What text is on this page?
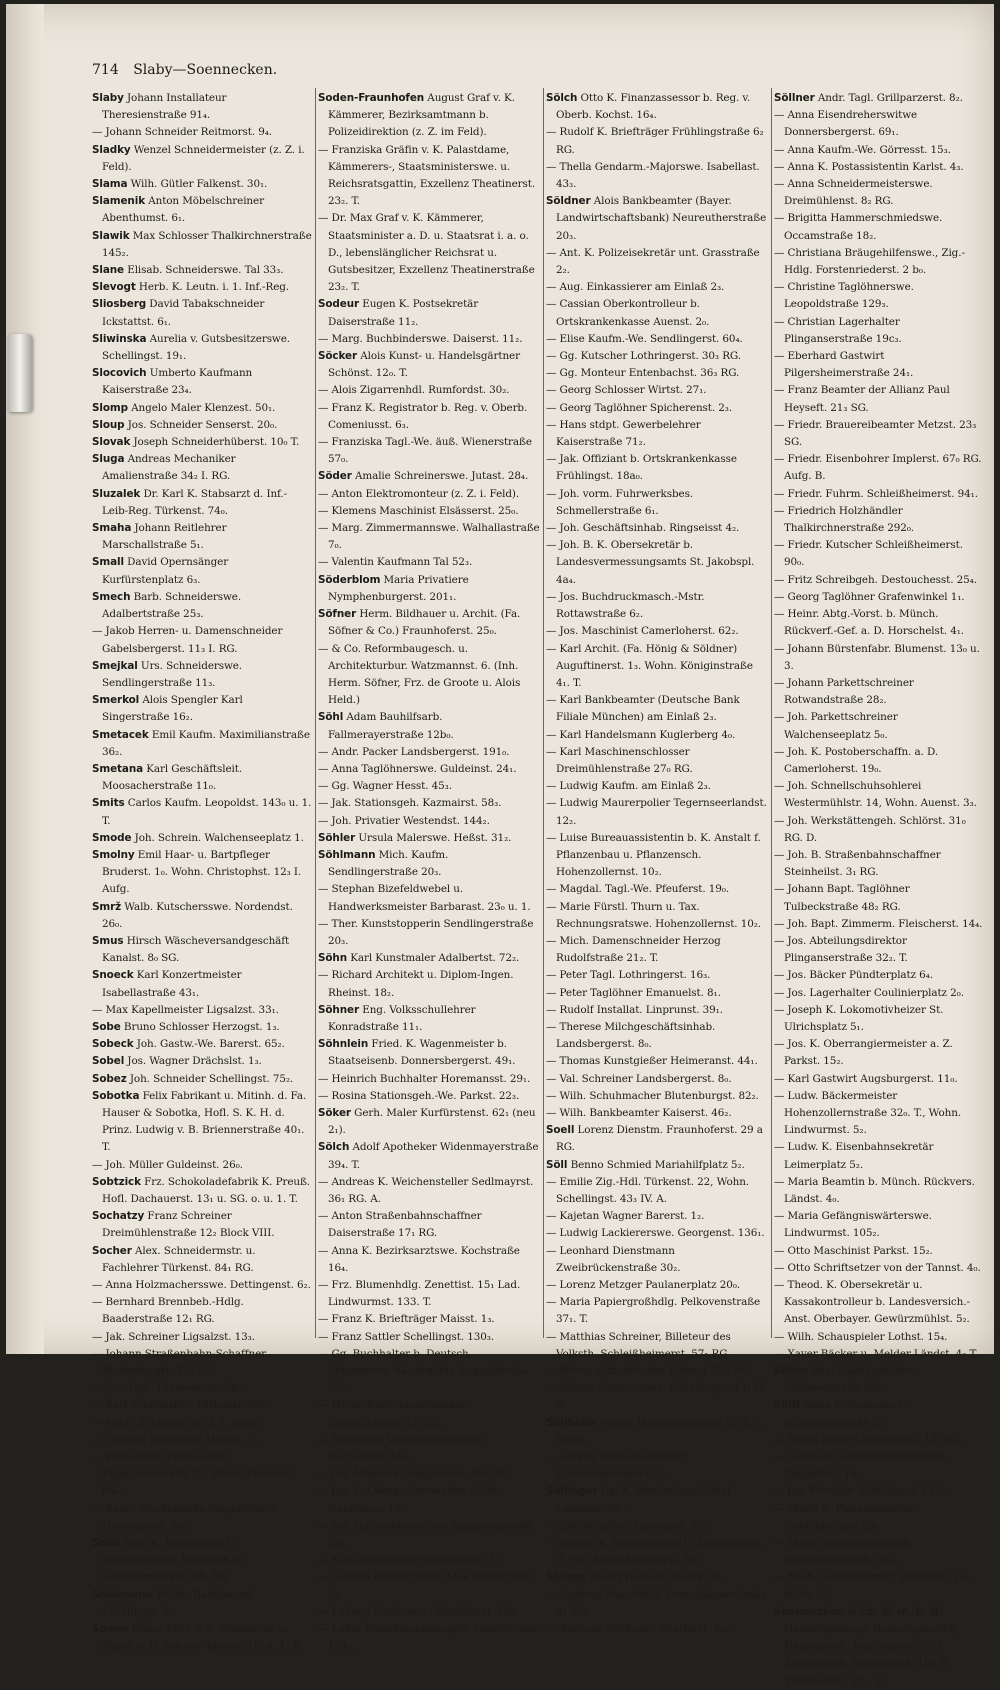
714 Slaby—Soennecken.
Slaby Johann Installateur Theresienstraße 91₄.
— Johann Schneider Reitmorst. 9₄.
Sladky Wenzel Schneidermeister (z. Z. i. Feld).
Slama Wilh. Gütler Falkenst. 30₁.
Slamenik Anton Möbelschreiner Abenthumst. 6₁.
Slawik Max Schlosser Thalkirchnerstraße 145₂.
Slane Elisab. Schneiderswe. Tal 33₃.
Slevogt Herb. K. Leutn. i. 1. Inf.-Reg.
Sliosberg David Tabakschneider Ickstattst. 6₁.
Sliwinska Aurelia v. Gutsbesitzerswe. Schellingst. 19₁.
Slocovich Umberto Kaufmann Kaiserstraße 23₄.
Slomp Angelo Maler Klenzest. 50₁.
Sloup Jos. Schneider Senserst. 20₀.
Slovak Joseph Schneiderhüberst. 10₀ T.
Sluga Andreas Mechaniker Amalienstraße 34₂ I. RG.
Sluzalek Dr. Karl K. Stabsarzt d. Inf.-Leib-Reg. Türkenst. 74₀.
Smaha Johann Reitlehrer Marschallstraße 5₁.
Small David Opernsänger Kurfürstenplatz 6₃.
Smech Barb. Schneiderswe. Adalbertstraße 25₃.
— Jakob Herren- u. Damenschneider Gabelsbergerst. 11₃ I. RG.
Smejkal Urs. Schneiderswe. Sendlingerstraße 11₃.
Smerkol Alois Spengler Karl Singerstraße 16₂.
Smetacek Emil Kaufm. Maximilianstraße 36₂.
Smetana Karl Geschäftsleit. Moosacherstraße 11₀.
Smits Carlos Kaufm. Leopoldst. 143₀ u. 1. T.
Smode Joh. Schrein. Walchenseeplatz 1.
Smolny Emil Haar- u. Bartpfleger Bruderst. 1₀. Wohn. Christophst. 12₃ I. Aufg.
Smrž Walb. Kutschersswe. Nordendst. 26₀.
Smus Hirsch Wäscheversandgeschäft Kanalst. 8₀ SG.
Snoeck Karl Konzertmeister Isabellastraße 43₁.
— Max Kapellmeister Ligsalzst. 33₁.
Sobe Bruno Schlosser Herzogst. 1₃.
Sobeck Joh. Gastw.-We. Barerst. 65₂.
Sobel Jos. Wagner Drächslst. 1₃.
Sobez Joh. Schneider Schellingst. 75₂.
Sobotka Felix Fabrikant u. Mitinh. d. Fa. Hauser & Sobotka, Hofl. S. K. H. d. Prinz. Ludwig v. B. Briennerstraße 40₁. T.
— Joh. Müller Guldeinst. 26₀.
Sobtzick Frz. Schokoladefabrik K. Preuß. Hofl. Dachauerst. 13₁ u. SG. o. u. 1. T.
Sochatzy Franz Schreiner Dreimühlenstraße 12₂ Block VIII.
Socher Alex. Schneidermstr. u. Fachlehrer Türkenst. 84₁ RG.
— Anna Holzmachersswe. Dettingenst. 6₂.
— Bernhard Brennbeb.-Hdlg. Baaderstraße 12₁ RG.
— Jak. Schreiner Ligsalzst. 13₃.
— Johann Straßenbahn-Schaffner Blutenburgst. 75₂ SG.
— Jos. Tagl. Theresienst. 54₀.
— Karl Tonkünstler Türkenst. 63₄.
— Mich. Schreiner (z. Z. i. Feld).
— Thomas Schneider Marsst. 7₁.
— Wilhelmine Feinkostbhl. Kapuzinerstraße 35, Wohn. Türkenst. 84₀.
— Xaver Straßenbahn-Wagenführer Horemansst. 24₂.
Sode Emil K. Registrator b. Hauptzollamts München III Lindwurmstraße 58₂ SG.
Sodemann Walter Bankbeamt. Frühlingst. 3₁.
Soden Heinr. Frhr. v. K. Kämmerer u. Major a. D. von der Tannst. 21₀ u. 1. T.
Soden-Fraunhofen August Graf v. K. Kämmerer, Bezirksamtmann b. Polizeidirektion (z. Z. im Feld).
— Franziska Gräfin v. K. Palastdame, Kämmerers-, Staatsministerswe. u. Reichsratsgattin, Exzellenz Theatinerst. 23₂. T.
— Dr. Max Graf v. K. Kämmerer, Staatsminister a. D. u. Staatsrat i. a. o. D., lebenslänglicher Reichsrat u. Gutsbesitzer, Exzellenz Theatinerstraße 23₂. T.
Sodeur Eugen K. Postsekretär Daiserstraße 11₂.
— Marg. Buchbinderswe. Daiserst. 11₂.
Söcker Alois Kunst- u. Handelsgärtner Schönst. 12₀. T.
— Alois Zigarrenhdl. Rumfordst. 30₂.
— Franz K. Registrator b. Reg. v. Oberb. Comeniusst. 6₃.
— Franziska Tagl.-We. äuß. Wienerstraße 57₀.
Söder Amalie Schreinerswe. Jutast. 28₄.
— Anton Elektromonteur (z. Z. i. Feld).
— Klemens Maschinist Elsässerst. 25₀.
— Marg. Zimmermannswe. Walhallastraße 7₀.
— Valentin Kaufmann Tal 52₃.
Söderblom Maria Privatiere Nymphenburgerst. 201₁.
Söfner Herm. Bildhauer u. Archit. (Fa. Söfner & Co.) Fraunhoferst. 25₀.
— & Co. Reformbaugesch. u. Architekturbur. Watzmannst. 6. (Inh. Herm. Söfner, Frz. de Groote u. Alois Held.)
Söhl Adam Bauhilfsarb. Fallmerayerstraße 12b₀.
— Andr. Packer Landsbergerst. 191₀.
— Anna Taglöhnerswe. Guldeinst. 24₁.
— Gg. Wagner Hesst. 45₃.
— Jak. Stationsgeh. Kazmairst. 58₃.
— Joh. Privatier Westendst. 144₂.
Söhler Ursula Malerswe. Heßst. 31₂.
Söhlmann Mich. Kaufm. Sendlingerstraße 20₃.
— Stephan Bizefeldwebel u. Handwerksmeister Barbarast. 23₀ u. 1.
— Ther. Kunststopperin Sendlingerstraße 20₃.
Söhn Karl Kunstmaler Adalbertst. 72₂.
— Richard Architekt u. Diplom-Ingen. Rheinst. 18₂.
Söhner Eng. Volksschullehrer Konradstraße 11₁.
Söhnlein Fried. K. Wagenmeister b. Staatseisenb. Donnersbergerst. 49₁.
— Heinrich Buchhalter Horemansst. 29₁.
— Rosina Stationsgeh.-We. Parkst. 22₃.
Söker Gerh. Maler Kurfürstenst. 62₁ (neu 2₁).
Sölch Adolf Apotheker Widenmayerstraße 39₄. T.
— Andreas K. Weichensteller Sedlmayrst. 36₁ RG. A.
— Anton Straßenbahnschaffner Daiserstraße 17₁ RG.
— Anna K. Bezirksarztswe. Kochstraße 16₄.
— Frz. Blumenhdlg. Zenettist. 15₁ Lad. Lindwurmst. 133. T.
— Franz K. Briefträger Maisst. 1₃.
— Franz Sattler Schellingst. 130₃.
— Gg. Buchhalter b. Deutsch. Lebensvers.-Bk. Arminia Auguststraße 56₃.
— Herm. Elektromechaniker Dreimühlenst. 33₂ SG.
— Hildegard Volksschullehrerin Kochstraße 16₄.
— Jos. Monteur Ganghoferst. 80₃ RG.
— Jos. K. Oberpostverwalter, Solln, Natalienst. 14.
— Jos. Haltestellenwitwe Augustenstraße 56₃.
— Karl Zuschneider Bismarckst. 7₃.
— Ludwig Bücherprüfer Max Weberplatz 2₄.
— Ludwig Kaufmann Ohlmüllerst. 28₄.
— Ludw. Maschinenhausgeh. Arnulfstraße 134₃.
Sölch Otto K. Finanzassessor b. Reg. v. Oberb. Kochst. 16₄.
— Rudolf K. Briefträger Frühlingstraße 6₂ RG.
— Thella Gendarm.-Majorswe. Isabellast. 43₃.
Söldner Alois Bankbeamter (Bayer. Landwirtschaftsbank) Neureutherstraße 20₃.
— Ant. K. Polizeisekretär unt. Grasstraße 2₂.
— Aug. Einkassierer am Einlaß 2₃.
— Cassian Oberkontrolleur b. Ortskrankenkasse Auenst. 2₀.
— Elise Kaufm.-We. Sendlingerst. 60₄.
— Gg. Kutscher Lothringerst. 30₃ RG.
— Gg. Monteur Entenbachst. 36₃ RG.
— Georg Schlosser Wirtst. 27₁.
— Georg Taglöhner Spicherenst. 2₃.
— Hans stdpt. Gewerbelehrer Kaiserstraße 71₂.
— Jak. Offiziant b. Ortskrankenkasse Frühlingst. 18a₀.
— Joh. vorm. Fuhrwerksbes. Schmellerstraße 6₁.
— Joh. Geschäftsinhab. Ringseisst 4₂.
— Joh. B. K. Obersekretär b. Landesvermessungsamts St. Jakobspl. 4a₄.
— Jos. Buchdruckmasch.-Mstr. Rottawstraße 6₂.
— Jos. Maschinist Camerloherst. 62₂.
— Karl Archit. (Fa. Hönig & Söldner) Auguftinerst. 1₃. Wohn. Königinstraße 4₁. T.
— Karl Bankbeamter (Deutsche Bank Filiale München) am Einlaß 2₃.
— Karl Handelsmann Kuglerberg 4₀.
— Karl Maschinenschlosser Dreimühlenstraße 27₀ RG.
— Ludwig Kaufm. am Einlaß 2₃.
— Ludwig Maurerpolier Tegernseerlandst. 12₂.
— Luise Bureauassistentin b. K. Anstalt f. Pflanzenbau u. Pflanzensch. Hohenzollernst. 10₂.
— Magdal. Tagl.-We. Pfeuferst. 19₀.
— Marie Fürstl. Thurn u. Tax. Rechnungsratswe. Hohenzollernst. 10₂.
— Mich. Damenschneider Herzog Rudolfstraße 21₂. T.
— Peter Tagl. Lothringerst. 16₃.
— Peter Taglöhner Emanuelst. 8₁.
— Rudolf Installat. Linprunst. 39₁.
— Therese Milchgeschäftsinhab. Landsbergerst. 8₀.
— Thomas Kunstgießer Heimeranst. 44₁.
— Val. Schreiner Landsbergerst. 8₀.
— Wilh. Schuhmacher Blutenburgst. 82₂.
— Wilh. Bankbeamter Kaiserst. 46₂.
Soell Lorenz Dienstm. Fraunhoferst. 29 a RG.
Söll Benno Schmied Mariahilfplatz 5₂.
— Emilie Zig.-Hdl. Türkenst. 22, Wohn. Schellingst. 43₃ IV. A.
— Kajetan Wagner Barerst. 1₂.
— Ludwig Lackiererswe. Georgenst. 136₁.
— Leonhard Dienstmann Zweibrückenstraße 30₂.
— Lorenz Metzger Paulanerplatz 20₀.
— Maria Papiergroßhdlg. Pelkovenstraße 37₁. T.
— Matthias Schreiner, Billeteur des Volksth. Schleißheimerst. 57₁ RG.
— Petrus stdt. Arbeiter Lilienst. 70₃ RG.
— Sabina Gastwirtswe. Schellingst. 43₃ IV. A.
Söllheim Friedr. Volksschullehrer (z. Z. i. Feld).
— Lorenz Volksschullehrer Lindwurmstraße 62₄.
Söllinger Gg. K. Rentamtsassistent Luisenst. 48₂.
— Joh. Schäffler Kazmairst. 77₄.
— Johann K. Steindrucker b. Staatsminist. d. Fin. Schleißheimerst. 70₃.
Söllner Alois Privatier Geyerst. 9₂.
— Andreas Maschinist Franziskanerstraße 4₄ RG.
— Andreas Schlosser Winthirst. 9a₂.
Söllner Andr. Tagl. Grillparzerst. 8₂.
— Anna Eisendreherswitwe Donnersbergerst. 69₁.
— Anna Kaufm.-We. Görresst. 15₃.
— Anna K. Postassistentin Karlst. 4₃.
— Anna Schneidermeisterswe. Dreimühlenst. 8₂ RG.
— Brigitta Hammerschmiedswe. Occamstraße 18₂.
— Christiana Bräugehilfenswe., Zig.-Hdlg. Forstenriederst. 2 b₀.
— Christine Taglöhnerswe. Leopoldstraße 129₃.
— Christian Lagerhalter Plinganserstraße 19c₃.
— Eberhard Gastwirt Pilgersheimerstraße 24₁.
— Franz Beamter der Allianz Paul Heyseft. 21₃ SG.
— Friedr. Brauereibeamter Metzst. 23₃ SG.
— Friedr. Eisenbohrer Implerst. 67₀ RG. Aufg. B.
— Friedr. Fuhrm. Schleißheimerst. 94₁.
— Friedrich Holzhändler Thalkirchnerstraße 292₀.
— Friedr. Kutscher Schleißheimerst. 90₀.
— Fritz Schreibgeh. Destouchesst. 25₄.
— Georg Taglöhner Grafenwinkel 1₁.
— Heinr. Abtg.-Vorst. b. Münch. Rückverf.-Gef. a. D. Horschelst. 4₁.
— Johann Bürstenfabr. Blumenst. 13₀ u. 3.
— Johann Parkettschreiner Rotwandstraße 28₂.
— Joh. Parkettschreiner Walchenseeplatz 5₀.
— Joh. K. Postoberschaffn. a. D. Camerloherst. 19₀.
— Joh. Schnellschuhsohlerei Westermühlstr. 14, Wohn. Auenst. 3₃.
— Joh. Werkstättengeh. Schlörst. 31₀ RG. D.
— Joh. B. Straßenbahnschaffner Steinheilst. 3₁ RG.
— Johann Bapt. Taglöhner Tulbeckstraße 48₂ RG.
— Joh. Bapt. Zimmerm. Fleischerst. 14₄.
— Jos. Abteilungsdirektor Plinganserstraße 32₂. T.
— Jos. Bäcker Pündterplatz 6₄.
— Jos. Lagerhalter Coulinierplatz 2₀.
— Joseph K. Lokomotivheizer St. Ulrichsplatz 5₁.
— Jos. K. Oberrangiermeister a. Z. Parkst. 15₂.
— Karl Gastwirt Augsburgerst. 11₀.
— Ludw. Bäckermeister Hohenzollernstraße 32₀. T., Wohn. Lindwurmst. 5₂.
— Ludw. K. Eisenbahnsekretär Leimerplatz 5₂.
— Maria Beamtin b. Münch. Rückvers. Ländst. 4₀.
— Maria Gefängniswärterswe. Lindwurmst. 105₂.
— Otto Maschinist Parkst. 15₂.
— Otto Schriftsetzer von der Tannst. 4₀.
— Theod. K. Obersekretär u. Kassakontrolleur b. Landesversich.-Anst. Oberbayer. Gewürzmühlst. 5₂.
— Wilh. Schauspieler Lothst. 15₄.
— Xaver Bäcker u. Melder Ländst. 4₀ T.
Sölter Paul Fabrikarbeiter Elsässerstraße 28₃.
Söltl Anna Schlosserswe. Hildegardstraße 5₀.
— Anton Maler Lindwurmst. 12₀ RG.
— Gabriele Schreinermeisterswe. Zugspitzst. 14₁.
— Jos. Privatier Schellingst. 117₂.
— Maria K. Postassistentin Isabellastraße 28₄.
— Maria Taglöhnersgattin Blutenburgstraße 35₃.
— Mich. Schreinermstr. Zenettist. 23₀ Wohn. 7₂.
Soennecken & Co. G. m. b. H. Handelsphotogr. Bedarfsgeschäft, Hauptgesch. Kaufingerst. 8₁. T. Zweiggesch. Augustenst. 15₀. T. Theresienst. 21₂. T.
